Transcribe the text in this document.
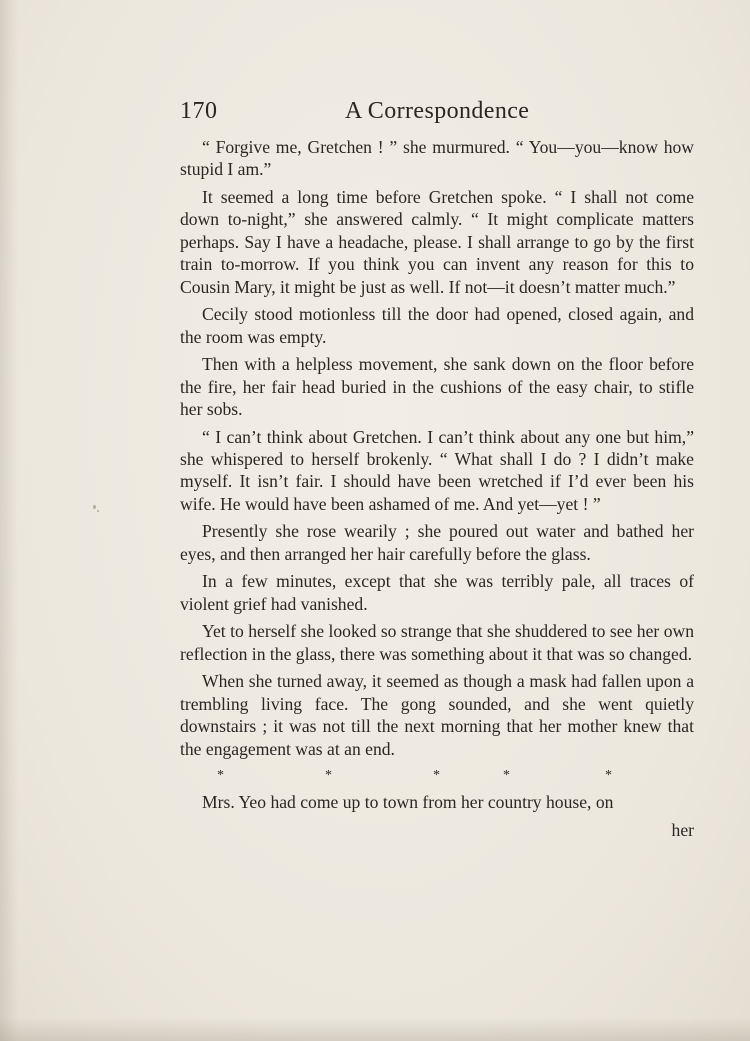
170	A Correspondence

“ Forgive me, Gretchen ! ” she murmured. “ You—you—know how stupid I am.”

It seemed a long time before Gretchen spoke. “ I shall not come down to-night,” she answered calmly. “ It might complicate matters perhaps. Say I have a headache, please. I shall arrange to go by the first train to-morrow. If you think you can invent any reason for this to Cousin Mary, it might be just as well. If not—it doesn’t matter much.”

Cecily stood motionless till the door had opened, closed again, and the room was empty.

Then with a helpless movement, she sank down on the floor before the fire, her fair head buried in the cushions of the easy chair, to stifle her sobs.

“ I can’t think about Gretchen. I can’t think about any one but him,” she whispered to herself brokenly. “ What shall I do ? I didn’t make myself. It isn’t fair. I should have been wretched if I’d ever been his wife. He would have been ashamed of me. And yet—yet ! ”

Presently she rose wearily ; she poured out water and bathed her eyes, and then arranged her hair carefully before the glass.

In a few minutes, except that she was terribly pale, all traces of violent grief had vanished.

Yet to herself she looked so strange that she shuddered to see her own reflection in the glass, there was something about it that was so changed.

When she turned away, it seemed as though a mask had fallen upon a trembling living face. The gong sounded, and she went quietly downstairs ; it was not till the next morning that her mother knew that the engagement was at an end.

*	*	*	*	*

Mrs. Yeo had come up to town from her country house, on

her
